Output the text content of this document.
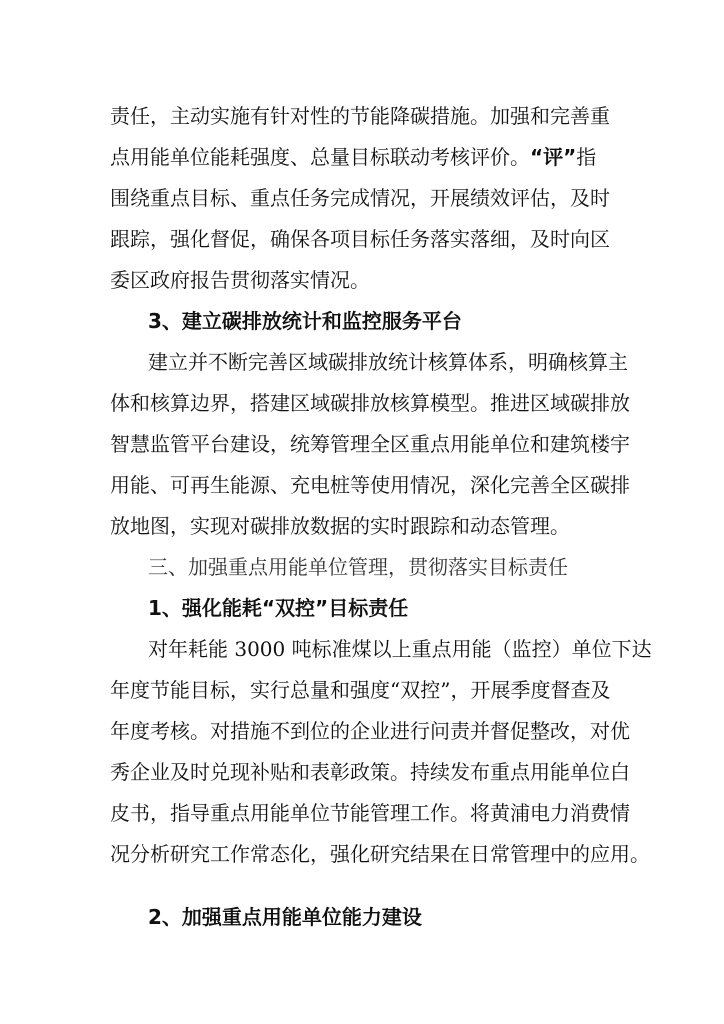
责任，主动实施有针对性的节能降碳措施。加强和完善重
点用能单位能耗强度、总量目标联动考核评价。“评”指
围绕重点目标、重点任务完成情况，开展绩效评估，及时
跟踪，强化督促，确保各项目标任务落实落细，及时向区
委区政府报告贯彻落实情况。
3、建立碳排放统计和监控服务平台
建立并不断完善区域碳排放统计核算体系，明确核算主
体和核算边界，搭建区域碳排放核算模型。推进区域碳排放
智慧监管平台建设，统筹管理全区重点用能单位和建筑楼宇
用能、可再生能源、充电桩等使用情况，深化完善全区碳排
放地图，实现对碳排放数据的实时跟踪和动态管理。
三、加强重点用能单位管理，贯彻落实目标责任
1、强化能耗“双控”目标责任
对年耗能 3000 吨标准煤以上重点用能（监控）单位下达
年度节能目标，实行总量和强度“双控”，开展季度督查及
年度考核。对措施不到位的企业进行问责并督促整改，对优
秀企业及时兑现补贴和表彰政策。持续发布重点用能单位白
皮书，指导重点用能单位节能管理工作。将黄浦电力消费情
况分析研究工作常态化，强化研究结果在日常管理中的应用。
2、加强重点用能单位能力建设
